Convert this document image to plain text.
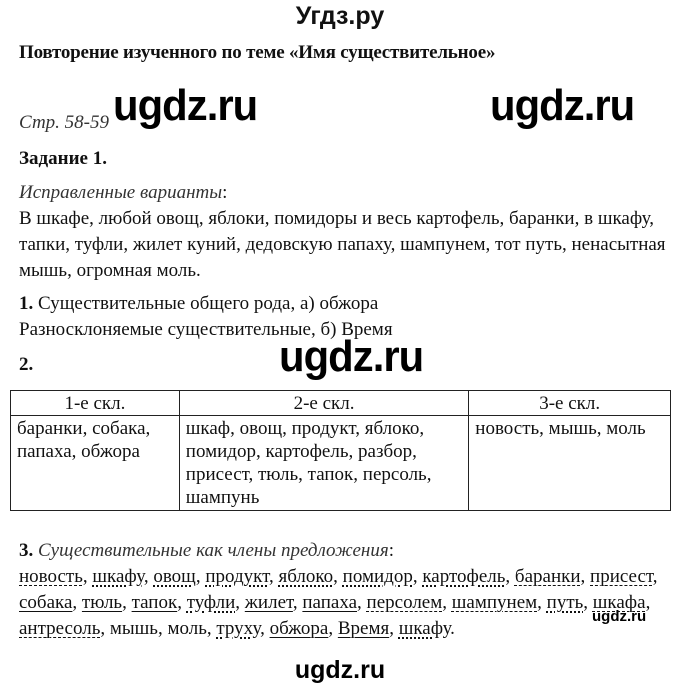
Угдз.ру
Повторение изученного по теме «Имя существительное»
ugdz.ru	ugdz.ru
ugdz.ru
ugdz.ru
ugdz.ru
Стр. 58-59
Задание 1.
Исправленные варианты:
В шкафе, любой овощ, яблоки, помидоры и весь картофель, баранки, в шкафу, тапки, туфли, жилет куний, дедовскую папаху, шампунем, тот путь, ненасытная мышь, огромная моль.
1. Существительные общего рода, а) обжора
Разносклоняемые существительные, б) Время
2.
1-е скл.	2-е скл.	3-е скл.
баранки, собака, папаха, обжора	шкаф, овощ, продукт, яблоко, помидор, картофель, разбор, присест, тюль, тапок, персоль, шампунь	новость, мышь, моль
3. Существительные как члены предложения:
новость, шкафу, овощ, продукт, яблоко, помидор, картофель, баранки, присест, собака, тюль, тапок, туфли, жилет, папаха, персолем, шампунем, путь, шкафа, антресоль, мышь, моль, труху, обжора, Время, шкафу.
